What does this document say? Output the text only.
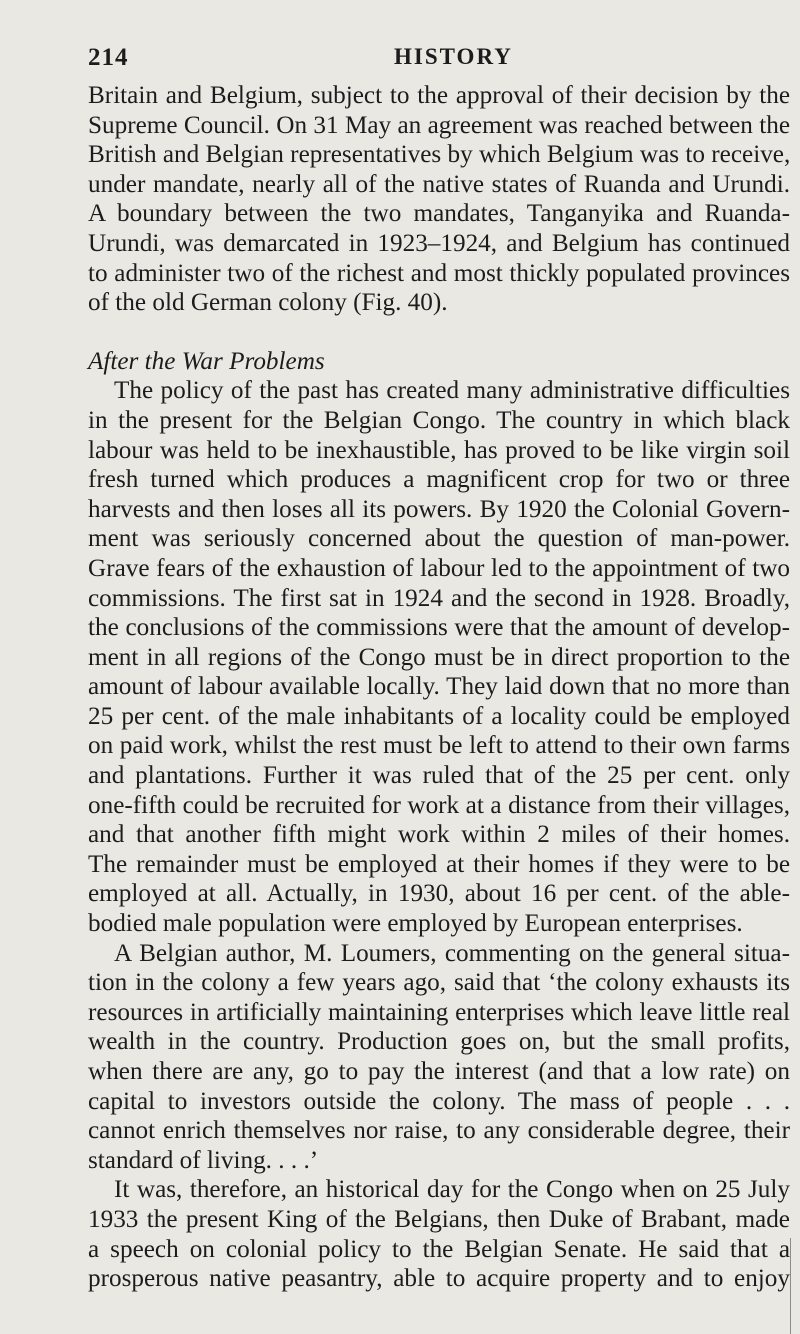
214	HISTORY
Britain and Belgium, subject to the approval of their decision by the
Supreme Council. On 31 May an agreement was reached between the
British and Belgian representatives by which Belgium was to receive,
under mandate, nearly all of the native states of Ruanda and Urundi.
A boundary between the two mandates, Tanganyika and Ruanda-
Urundi, was demarcated in 1923–1924, and Belgium has continued
to administer two of the richest and most thickly populated provinces
of the old German colony (Fig. 40).
After the War Problems
The policy of the past has created many administrative difficulties
in the present for the Belgian Congo. The country in which black
labour was held to be inexhaustible, has proved to be like virgin soil
fresh turned which produces a magnificent crop for two or three
harvests and then loses all its powers. By 1920 the Colonial Govern-
ment was seriously concerned about the question of man-power.
Grave fears of the exhaustion of labour led to the appointment of two
commissions. The first sat in 1924 and the second in 1928. Broadly,
the conclusions of the commissions were that the amount of develop-
ment in all regions of the Congo must be in direct proportion to the
amount of labour available locally. They laid down that no more than
25 per cent. of the male inhabitants of a locality could be employed
on paid work, whilst the rest must be left to attend to their own farms
and plantations. Further it was ruled that of the 25 per cent. only
one-fifth could be recruited for work at a distance from their villages,
and that another fifth might work within 2 miles of their homes.
The remainder must be employed at their homes if they were to be
employed at all. Actually, in 1930, about 16 per cent. of the able-
bodied male population were employed by European enterprises.
A Belgian author, M. Loumers, commenting on the general situa-
tion in the colony a few years ago, said that ‘the colony exhausts its
resources in artificially maintaining enterprises which leave little real
wealth in the country. Production goes on, but the small profits,
when there are any, go to pay the interest (and that a low rate) on
capital to investors outside the colony. The mass of people . . .
cannot enrich themselves nor raise, to any considerable degree, their
standard of living. . . .’
It was, therefore, an historical day for the Congo when on 25 July
1933 the present King of the Belgians, then Duke of Brabant, made
a speech on colonial policy to the Belgian Senate. He said that a
prosperous native peasantry, able to acquire property and to enjoy
